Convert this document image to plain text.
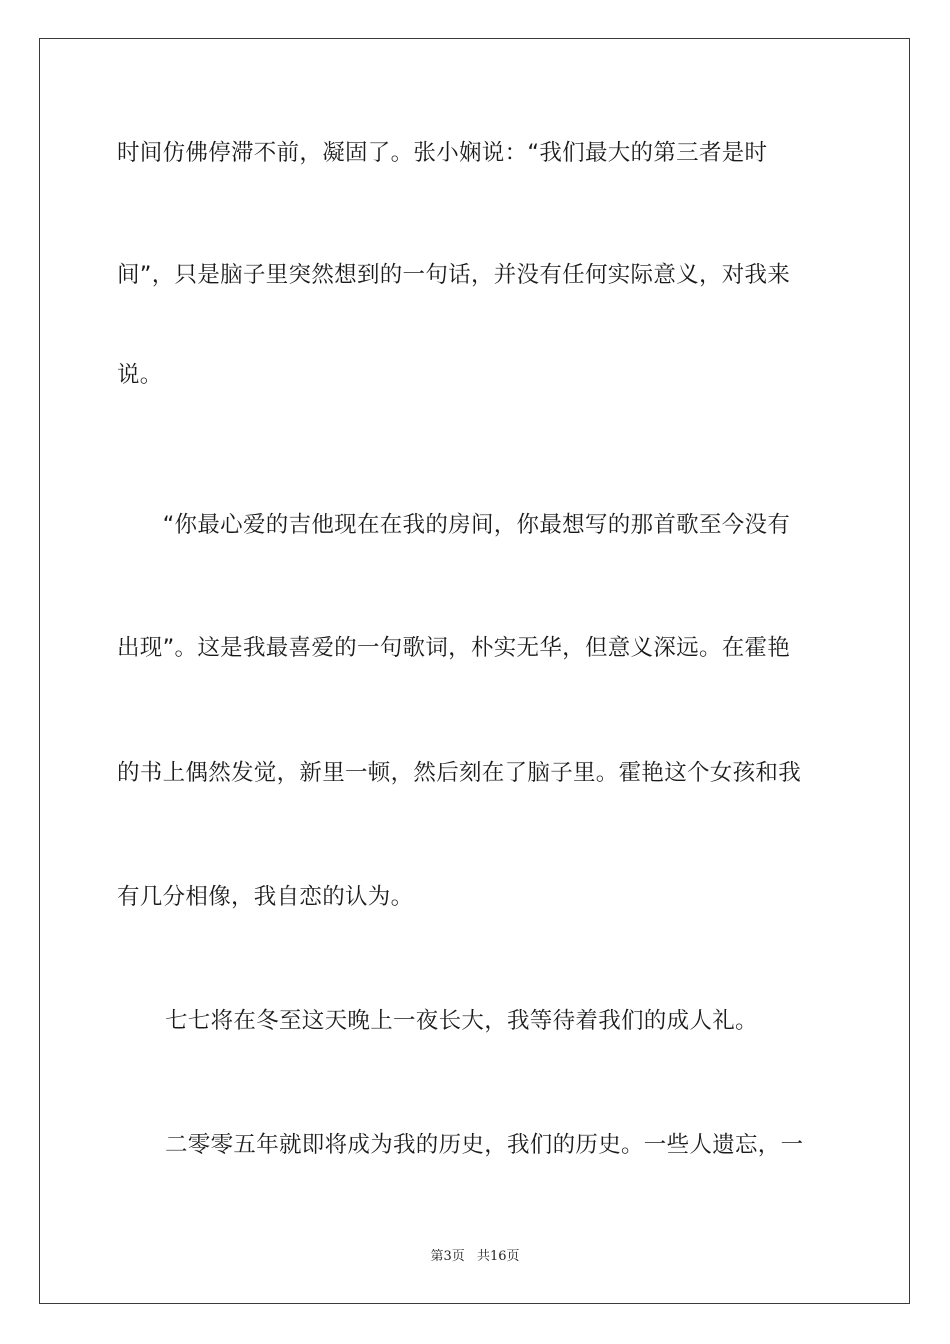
时间仿佛停滞不前，凝固了。张小娴说：“我们最大的第三者是时
间”，只是脑子里突然想到的一句话，并没有任何实际意义，对我来
说。
　　“你最心爱的吉他现在在我的房间，你最想写的那首歌至今没有
出现”。这是我最喜爱的一句歌词，朴实无华，但意义深远。在霍艳
的书上偶然发觉，新里一顿，然后刻在了脑子里。霍艳这个女孩和我
有几分相像，我自恋的认为。
七七将在冬至这天晚上一夜长大，我等待着我们的成人礼。
二零零五年就即将成为我的历史，我们的历史。一些人遗忘，一
第3页 共16页
